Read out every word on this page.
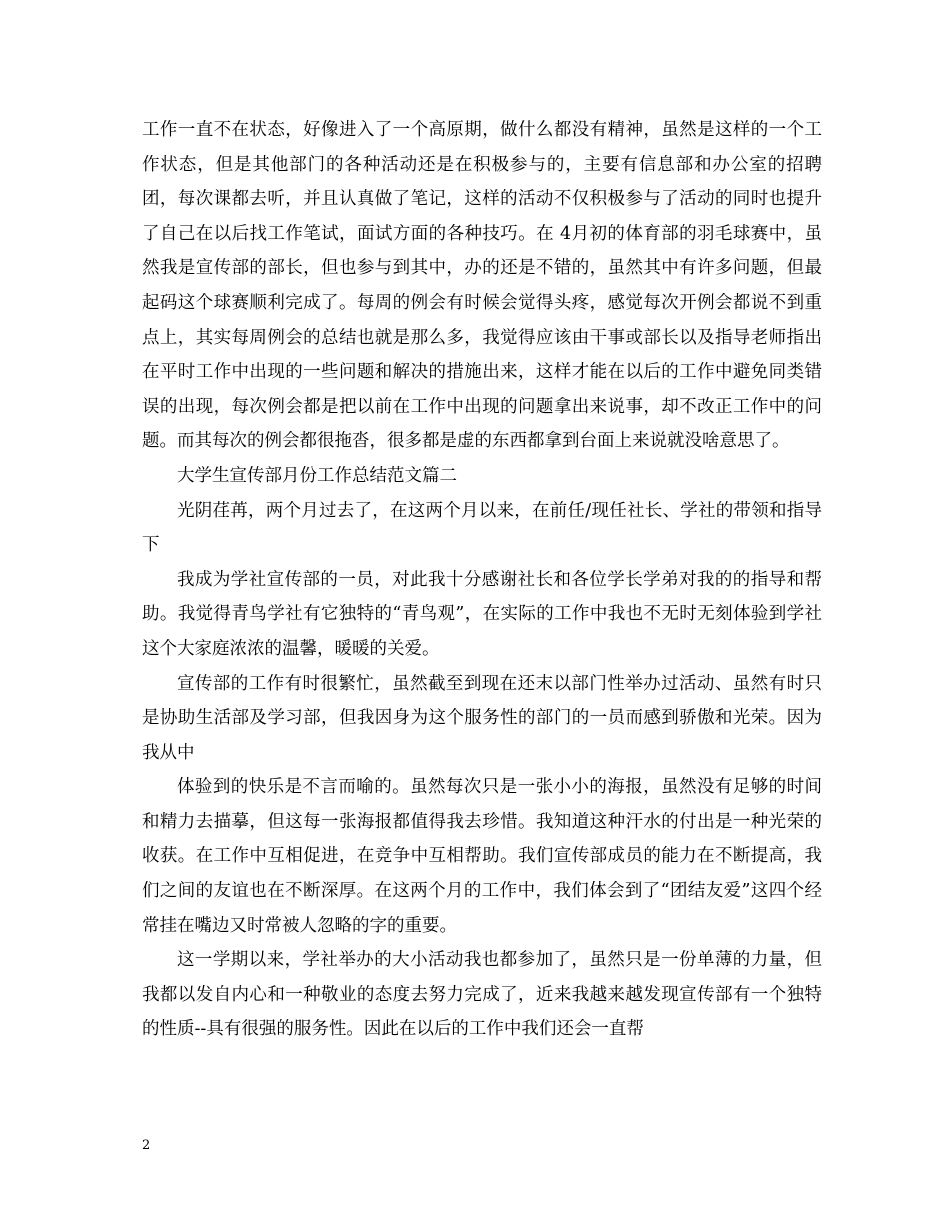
工作一直不在状态，好像进入了一个高原期，做什么都没有精神，虽然是这样的一个工作状态，但是其他部门的各种活动还是在积极参与的，主要有信息部和办公室的招聘团，每次课都去听，并且认真做了笔记，这样的活动不仅积极参与了活动的同时也提升了自己在以后找工作笔试，面试方面的各种技巧。在 4月初的体育部的羽毛球赛中，虽然我是宣传部的部长，但也参与到其中，办的还是不错的，虽然其中有许多问题，但最起码这个球赛顺利完成了。每周的例会有时候会觉得头疼，感觉每次开例会都说不到重点上，其实每周例会的总结也就是那么多，我觉得应该由干事或部长以及指导老师指出在平时工作中出现的一些问题和解决的措施出来，这样才能在以后的工作中避免同类错误的出现，每次例会都是把以前在工作中出现的问题拿出来说事，却不改正工作中的问题。而其每次的例会都很拖沓，很多都是虚的东西都拿到台面上来说就没啥意思了。

大学生宣传部月份工作总结范文篇二

光阴荏苒，两个月过去了，在这两个月以来，在前任/现任社长、学社的带领和指导下

我成为学社宣传部的一员，对此我十分感谢社长和各位学长学弟对我的的指导和帮助。我觉得青鸟学社有它独特的“青鸟观”，在实际的工作中我也不无时无刻体验到学社这个大家庭浓浓的温馨，暖暖的关爱。

宣传部的工作有时很繁忙，虽然截至到现在还末以部门性举办过活动、虽然有时只是协助生活部及学习部，但我因身为这个服务性的部门的一员而感到骄傲和光荣。因为我从中

体验到的快乐是不言而喻的。虽然每次只是一张小小的海报，虽然没有足够的时间和精力去描摹，但这每一张海报都值得我去珍惜。我知道这种汗水的付出是一种光荣的收获。在工作中互相促进，在竞争中互相帮助。我们宣传部成员的能力在不断提高，我们之间的友谊也在不断深厚。在这两个月的工作中，我们体会到了“团结友爱”这四个经常挂在嘴边又时常被人忽略的字的重要。

这一学期以来，学社举办的大小活动我也都参加了，虽然只是一份单薄的力量，但我都以发自内心和一种敬业的态度去努力完成了，近来我越来越发现宣传部有一个独特的性质--具有很强的服务性。因此在以后的工作中我们还会一直帮

2
